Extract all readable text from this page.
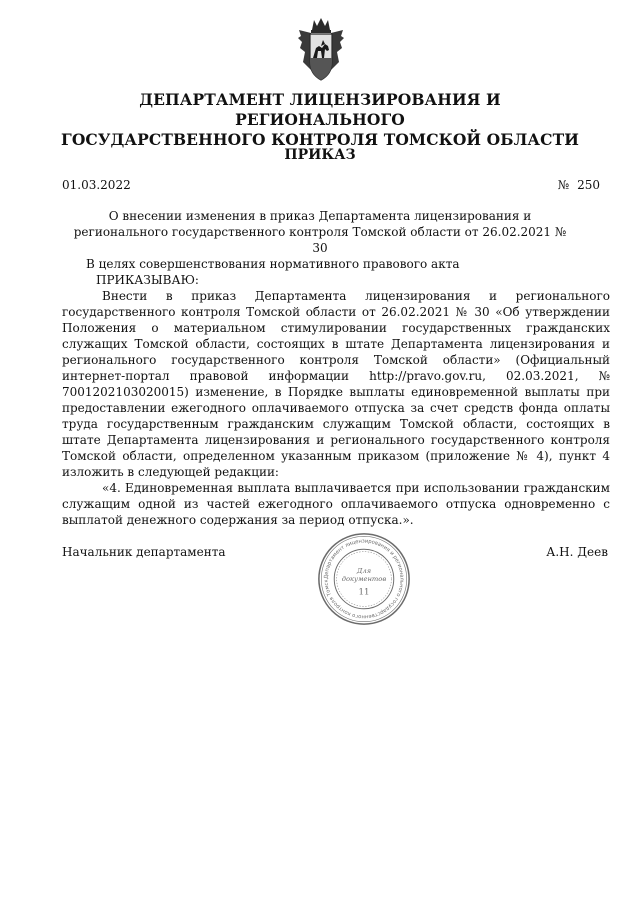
ДЕПАРТАМЕНТ ЛИЦЕНЗИРОВАНИЯ И РЕГИОНАЛЬНОГО
ГОСУДАРСТВЕННОГО КОНТРОЛЯ ТОМСКОЙ ОБЛАСТИ
ПРИКАЗ
01.03.2022	№ 250
О внесении изменения в приказ Департамента лицензирования и регионального государственного контроля Томской области от 26.02.2021 № 30

В целях совершенствования нормативного правового акта

ПРИКАЗЫВАЮ:

Внести в приказ Департамента лицензирования и регионального государственного контроля Томской области от 26.02.2021 № 30 «Об утверждении Положения о материальном стимулировании государственных гражданских служащих Томской области, состоящих в штате Департамента лицензирования и регионального государственного контроля Томской области» (Официальный интернет-портал правовой информации http://pravo.gov.ru, 02.03.2021, № 7001202103020015) изменение, в Порядке выплаты единовременной выплаты при предоставлении ежегодного оплачиваемого отпуска за счет средств фонда оплаты труда государственным гражданским служащим Томской области, состоящих в штате Департамента лицензирования и регионального государственного контроля Томской области, определенном указанным приказом (приложение № 4), пункт 4 изложить в следующей редакции:

«4. Единовременная выплата выплачивается при использовании гражданским служащим одной из частей ежегодного оплачиваемого отпуска одновременно с выплатой денежного содержания за период отпуска.».

Начальник департамента	А.Н. Деев
Департамент лицензирования и регионального государственного контроля Томск
Для
документов
11
